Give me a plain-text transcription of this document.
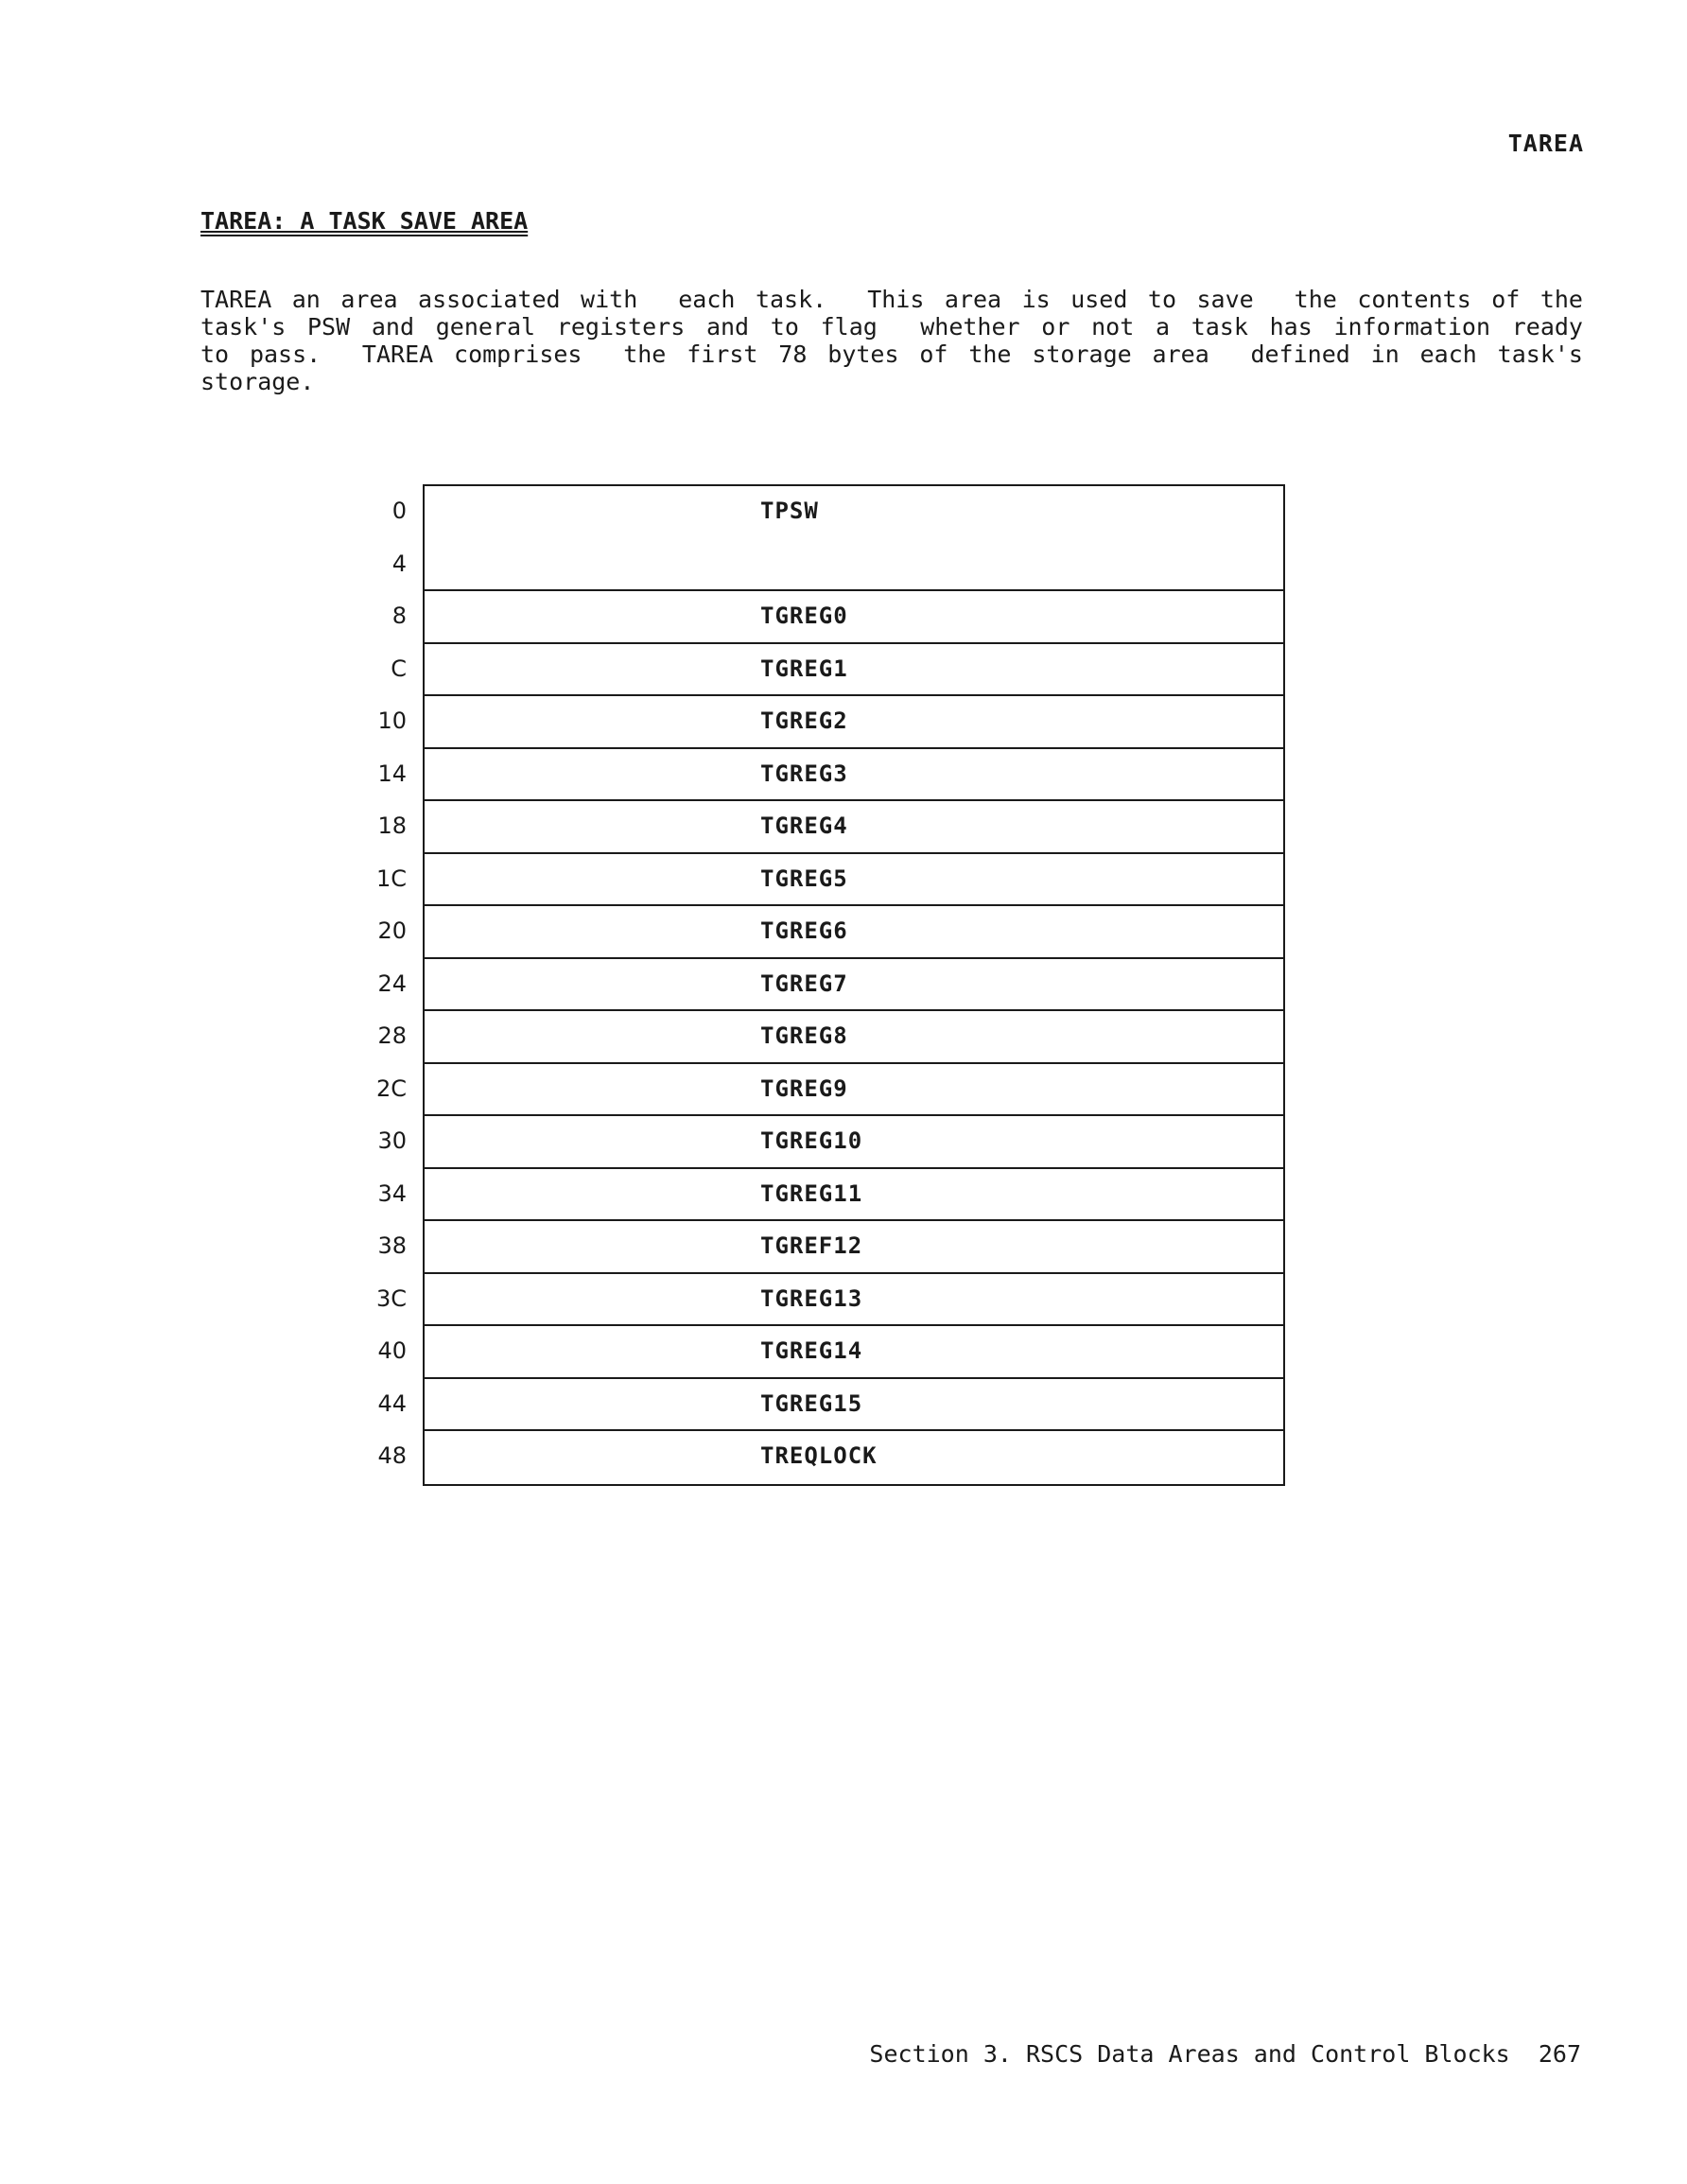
TAREA
TAREA: A TASK SAVE AREA
TAREA an area associated with  each task.  This area is used to save  the contents of the
task's PSW and general registers and to flag  whether or not a task has information ready
to pass.  TAREA comprises  the first 78 bytes of the storage area  defined in each task's
storage.
0
4
8
C
10
14
18
1C
20
24
28
2C
30
34
38
3C
40
44
48
TPSW
TGREG0
TGREG1
TGREG2
TGREG3
TGREG4
TGREG5
TGREG6
TGREG7
TGREG8
TGREG9
TGREG10
TGREG11
TGREF12
TGREG13
TGREG14
TGREG15
TREQLOCK
Section 3. RSCS Data Areas and Control Blocks 267
